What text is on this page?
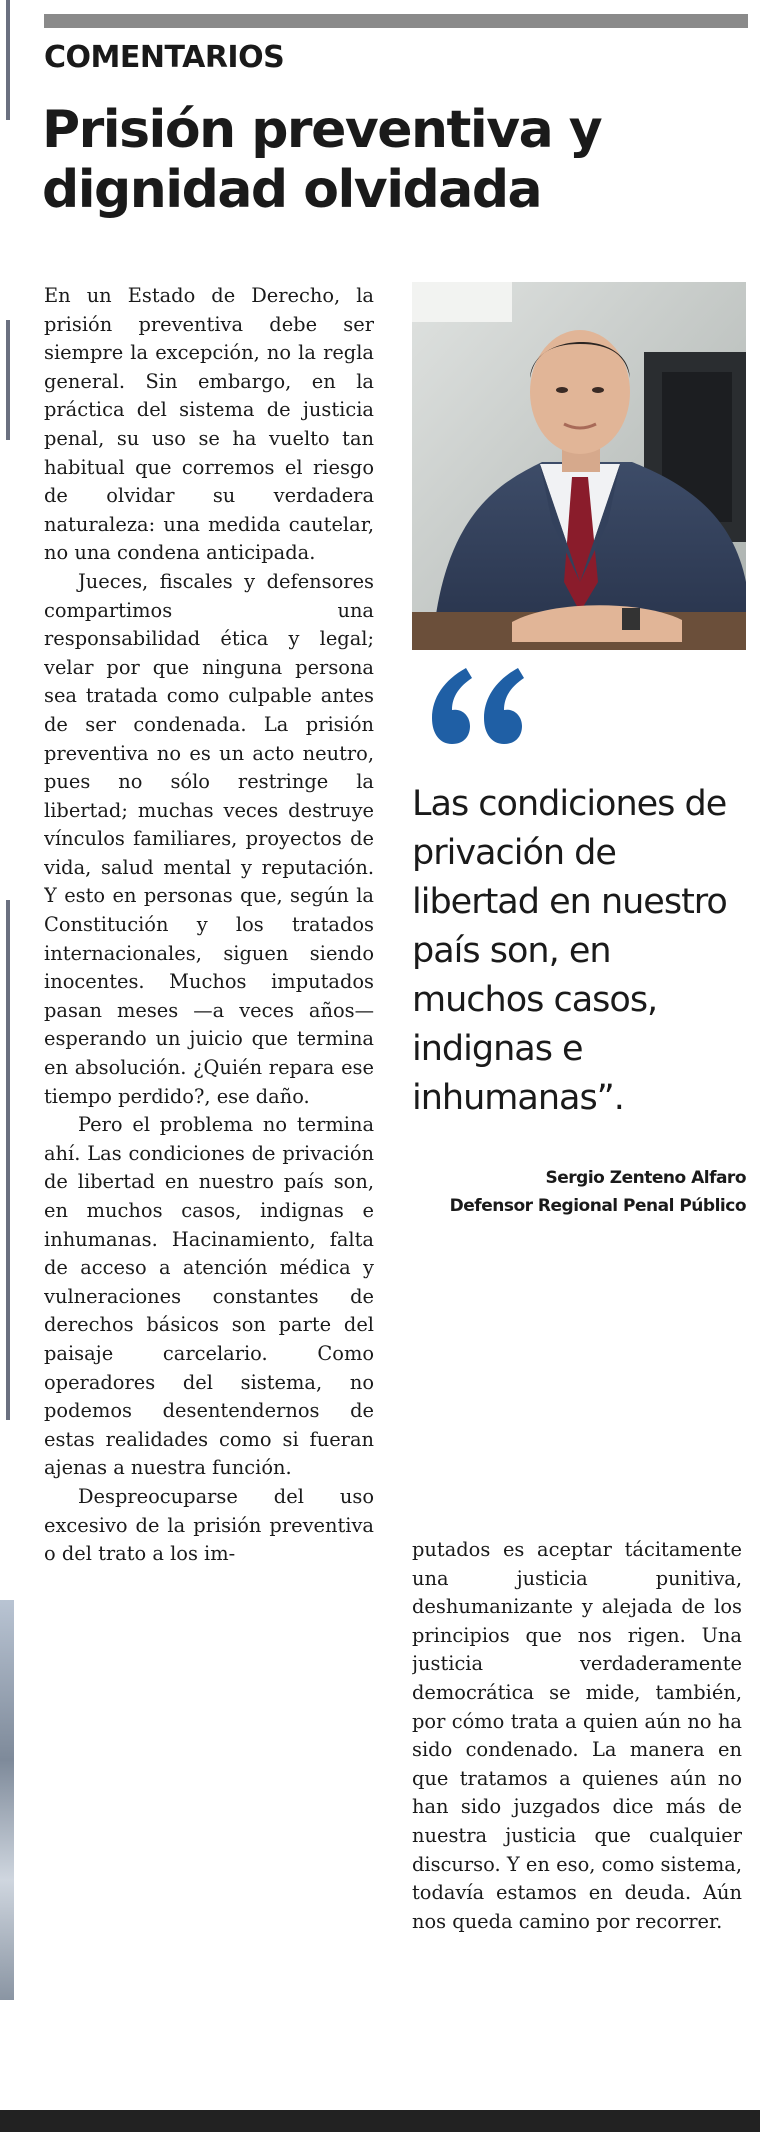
COMENTARIOS
Prisión preventiva y dignidad olvidada

En un Estado de Derecho, la prisión preventiva debe ser siempre la excepción, no la regla general. Sin embargo, en la práctica del sistema de justicia penal, su uso se ha vuelto tan habitual que corremos el riesgo de olvidar su verdadera naturaleza: una medida cautelar, no una condena anticipada.

Jueces, fiscales y defensores compartimos una responsabilidad ética y legal; velar por que ninguna persona sea tratada como culpable antes de ser condenada. La prisión preventiva no es un acto neutro, pues no sólo restringe la libertad; muchas veces destruye vínculos familiares, proyectos de vida, salud mental y reputación. Y esto en personas que, según la Constitución y los tratados internacionales, siguen siendo inocentes. Muchos imputados pasan meses —a veces años— esperando un juicio que termina en absolución. ¿Quién repara ese tiempo perdido?, ese daño.

Pero el problema no termina ahí. Las condiciones de privación de libertad en nuestro país son, en muchos casos, indignas e inhumanas. Hacinamiento, falta de acceso a atención médica y vulneraciones constantes de derechos básicos son parte del paisaje carcelario. Como operadores del sistema, no podemos desentendernos de estas realidades como si fueran ajenas a nuestra función.

Despreocuparse del uso excesivo de la prisión preventiva o del trato a los im-

Las condiciones de privación de libertad en nuestro país son, en muchos casos, indignas e inhumanas”.

Sergio Zenteno Alfaro

Defensor Regional Penal Público

putados es aceptar tácitamente una justicia punitiva, deshumanizante y alejada de los principios que nos rigen. Una justicia verdaderamente democrática se mide, también, por cómo trata a quien aún no ha sido condenado. La manera en que tratamos a quienes aún no han sido juzgados dice más de nuestra justicia que cualquier discurso. Y en eso, como sistema, todavía estamos en deuda. Aún nos queda camino por recorrer.
